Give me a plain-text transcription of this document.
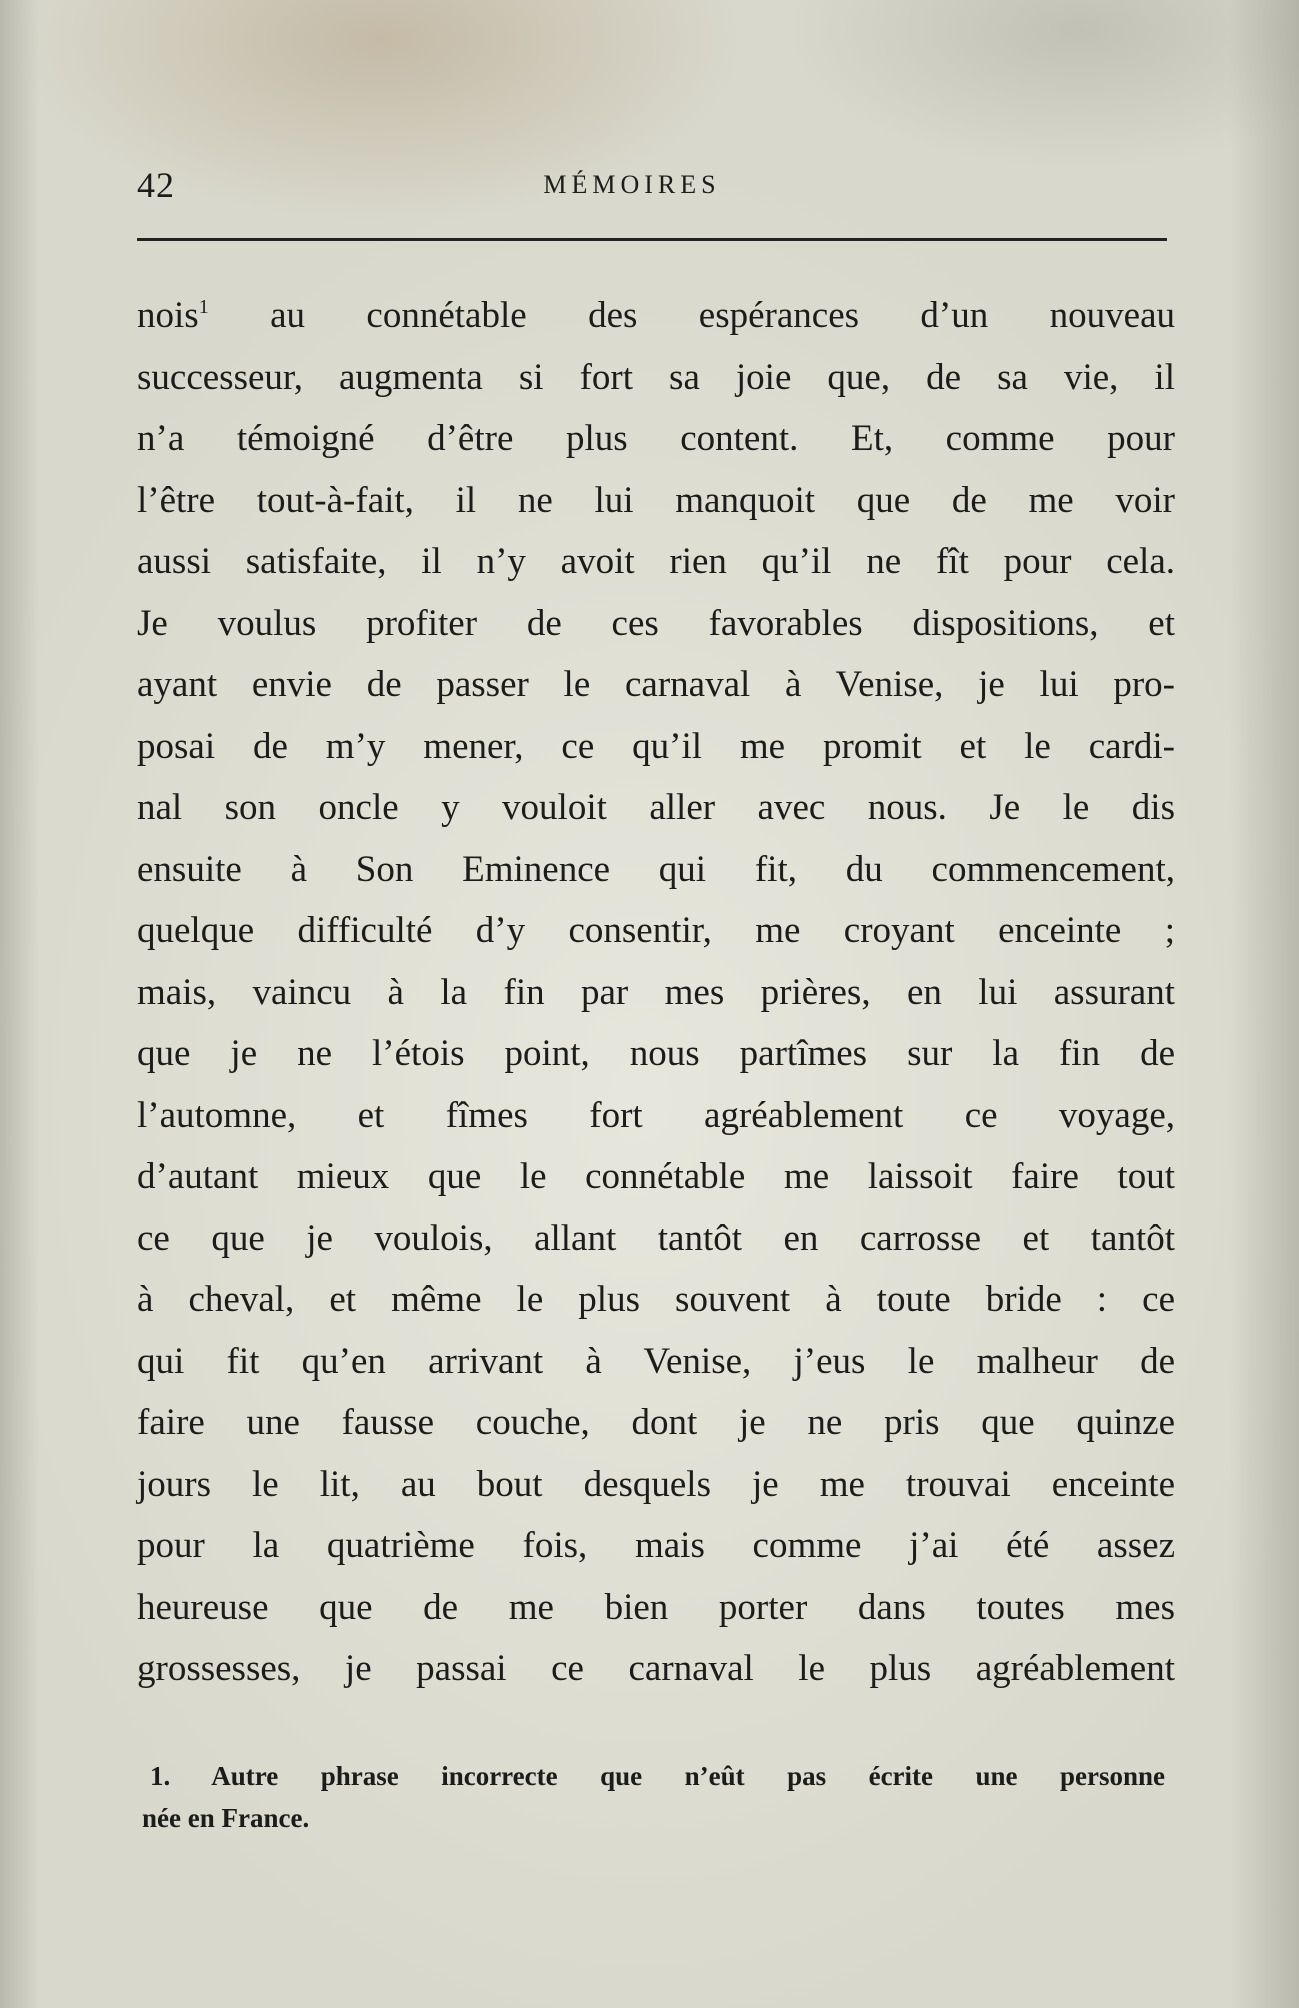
42	MÉMOIRES
nois$^1$ au connétable des espérances d’un nouveau
successeur, augmenta si fort sa joie que, de sa vie, il
n’a témoigné d’être plus content. Et, comme pour
l’être tout-à-fait, il ne lui manquoit que de me voir
aussi satisfaite, il n’y avoit rien qu’il ne fît pour cela.
Je voulus profiter de ces favorables dispositions, et
ayant envie de passer le carnaval à Venise, je lui pro-
posai de m’y mener, ce qu’il me promit et le cardi-
nal son oncle y vouloit aller avec nous. Je le dis
ensuite à Son Eminence qui fit, du commencement,
quelque difficulté d’y consentir, me croyant enceinte ;
mais, vaincu à la fin par mes prières, en lui assurant
que je ne l’étois point, nous partîmes sur la fin de
l’automne, et fîmes fort agréablement ce voyage,
d’autant mieux que le connétable me laissoit faire tout
ce que je voulois, allant tantôt en carrosse et tantôt
à cheval, et même le plus souvent à toute bride : ce
qui fit qu’en arrivant à Venise, j’eus le malheur de
faire une fausse couche, dont je ne pris que quinze
jours le lit, au bout desquels je me trouvai enceinte
pour la quatrième fois, mais comme j’ai été assez
heureuse que de me bien porter dans toutes mes
grossesses, je passai ce carnaval le plus agréablement
1. Autre phrase incorrecte que n’eût pas écrite une personne
née en France.
